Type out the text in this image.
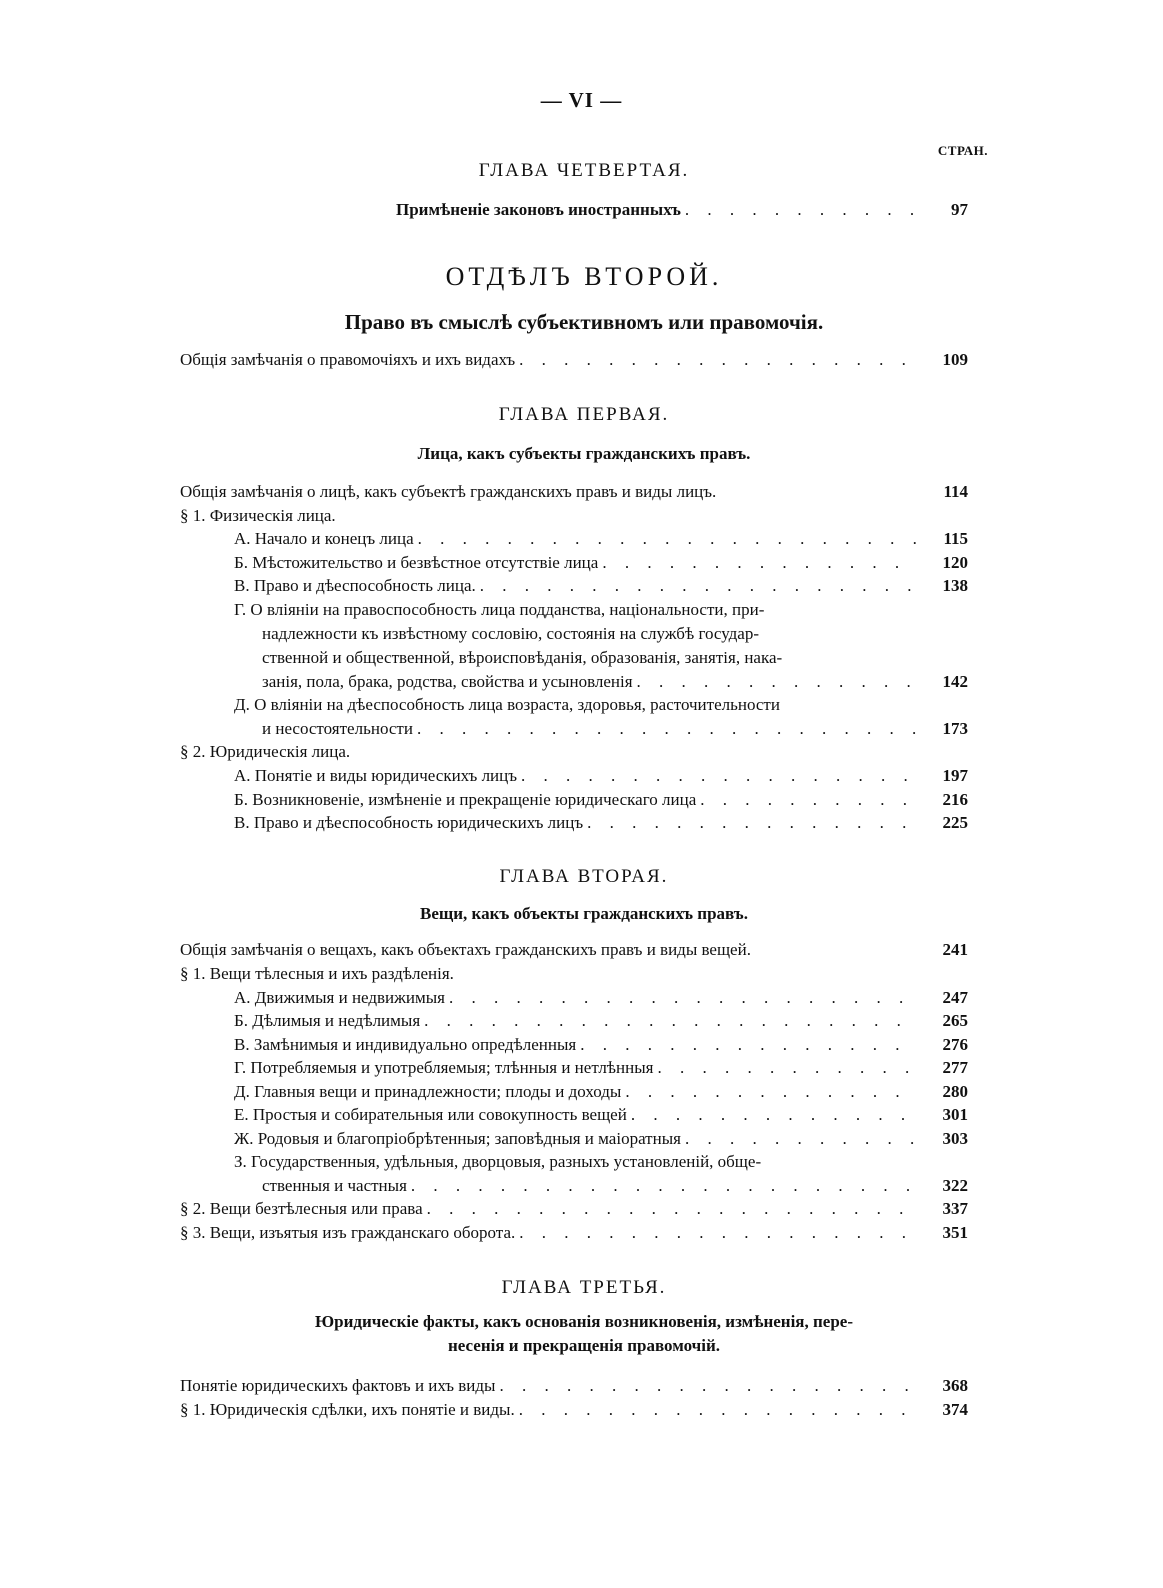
— VI —
СТРАН.
ГЛАВА ЧЕТВЕРТАЯ.
Примѣненіе законовъ иностранныхъ . . .	97
ОТДѢЛЪ ВТОРОЙ.
Право въ смыслѣ субъективномъ или правомочія.
Общія замѣчанія о правомочіяхъ и ихъ видахъ . . .	109
ГЛАВА ПЕРВАЯ.
Лица, какъ субъекты гражданскихъ правъ.
Общія замѣчанія о лицѣ, какъ субъектѣ гражданскихъ правъ и виды лицъ.	114
§ 1. Физическія лица.
А. Начало и конецъ лица . . .	115
Б. Мѣстожительство и безвѣстное отсутствіе лица . . .	120
В. Право и дѣеспособность лица. . . .	138
Г. О вліяніи на правоспособность лица подданства, національности, при-
надлежности къ извѣстному сословію, состоянія на службѣ государ-
ственной и общественной, вѣроисповѣданія, образованія, занятія, нака-
занія, пола, брака, родства, свойства и усыновленія . . .	142
Д. О вліяніи на дѣеспособность лица возраста, здоровья, расточительности
и несостоятельности . . .	173
§ 2. Юридическія лица.
А. Понятіе и виды юридическихъ лицъ . . .	197
Б. Возникновеніе, измѣненіе и прекращеніе юридическаго лица . . .	216
В. Право и дѣеспособность юридическихъ лицъ . . .	225
ГЛАВА ВТОРАЯ.
Вещи, какъ объекты гражданскихъ правъ.
Общія замѣчанія о вещахъ, какъ объектахъ гражданскихъ правъ и виды вещей.	241
§ 1. Вещи тѣлесныя и ихъ раздѣленія.
А. Движимыя и недвижимыя . . .	247
Б. Дѣлимыя и недѣлимыя . . .	265
В. Замѣнимыя и индивидуально опредѣленныя . . .	276
Г. Потребляемыя и употребляемыя; тлѣнныя и нетлѣнныя . . .	277
Д. Главныя вещи и принадлежности; плоды и доходы . . .	280
Е. Простыя и собирательныя или совокупность вещей . . .	301
Ж. Родовыя и благопріобрѣтенныя; заповѣдныя и маіоратныя . . .	303
З. Государственныя, удѣльныя, дворцовыя, разныхъ установленій, обще-
ственныя и частныя . . .	322
§ 2. Вещи безтѣлесныя или права . . .	337
§ 3. Вещи, изъятыя изъ гражданскаго оборота. . . .	351
ГЛАВА ТРЕТЬЯ.
Юридическіе факты, какъ основанія возникновенія, измѣненія, пере-
несенія и прекращенія правомочій.
Понятіе юридическихъ фактовъ и ихъ виды . . .	368
§ 1. Юридическія сдѣлки, ихъ понятіе и виды. . . .	374
